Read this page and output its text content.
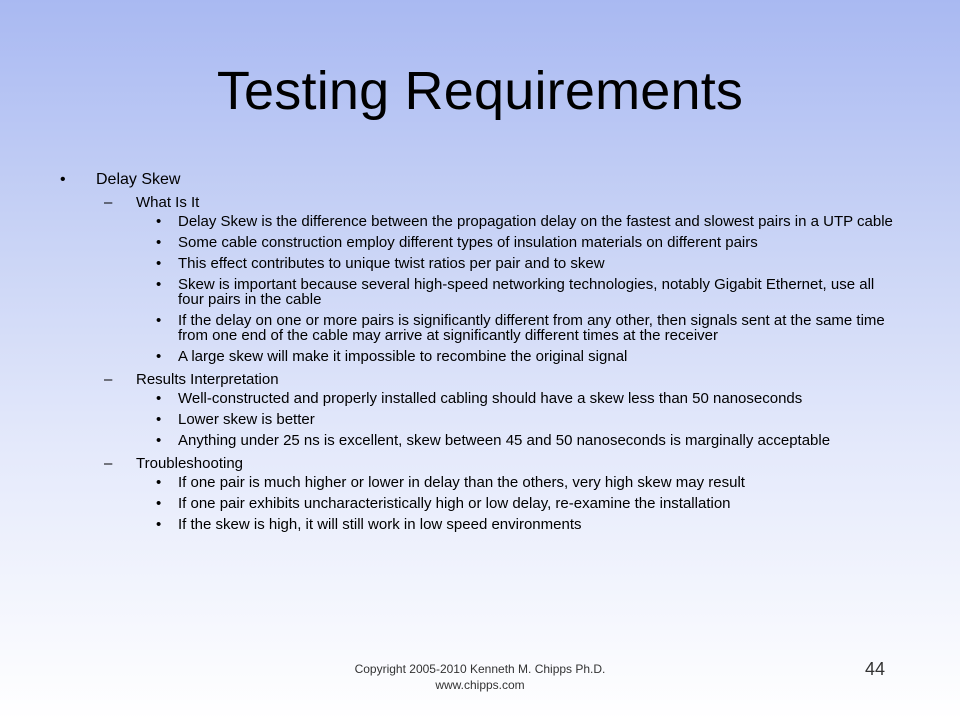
Testing Requirements
• Delay Skew
– What Is It
• Delay Skew is the difference between the propagation delay on the fastest and slowest pairs in a UTP cable
• Some cable construction employ different types of insulation materials on different pairs
• This effect contributes to unique twist ratios per pair and to skew
• Skew is important because several high-speed networking technologies, notably Gigabit Ethernet, use all four pairs in the cable
• If the delay on one or more pairs is significantly different from any other, then signals sent at the same time from one end of the cable may arrive at significantly different times at the receiver
• A large skew will make it impossible to recombine the original signal
– Results Interpretation
• Well-constructed and properly installed cabling should have a skew less than 50 nanoseconds
• Lower skew is better
• Anything under 25 ns is excellent, skew between 45 and 50 nanoseconds is marginally acceptable
– Troubleshooting
• If one pair is much higher or lower in delay than the others, very high skew may result
• If one pair exhibits uncharacteristically high or low delay, re-examine the installation
• If the skew is high, it will still work in low speed environments
Copyright 2005-2010 Kenneth M. Chipps Ph.D.
www.chipps.com
44
